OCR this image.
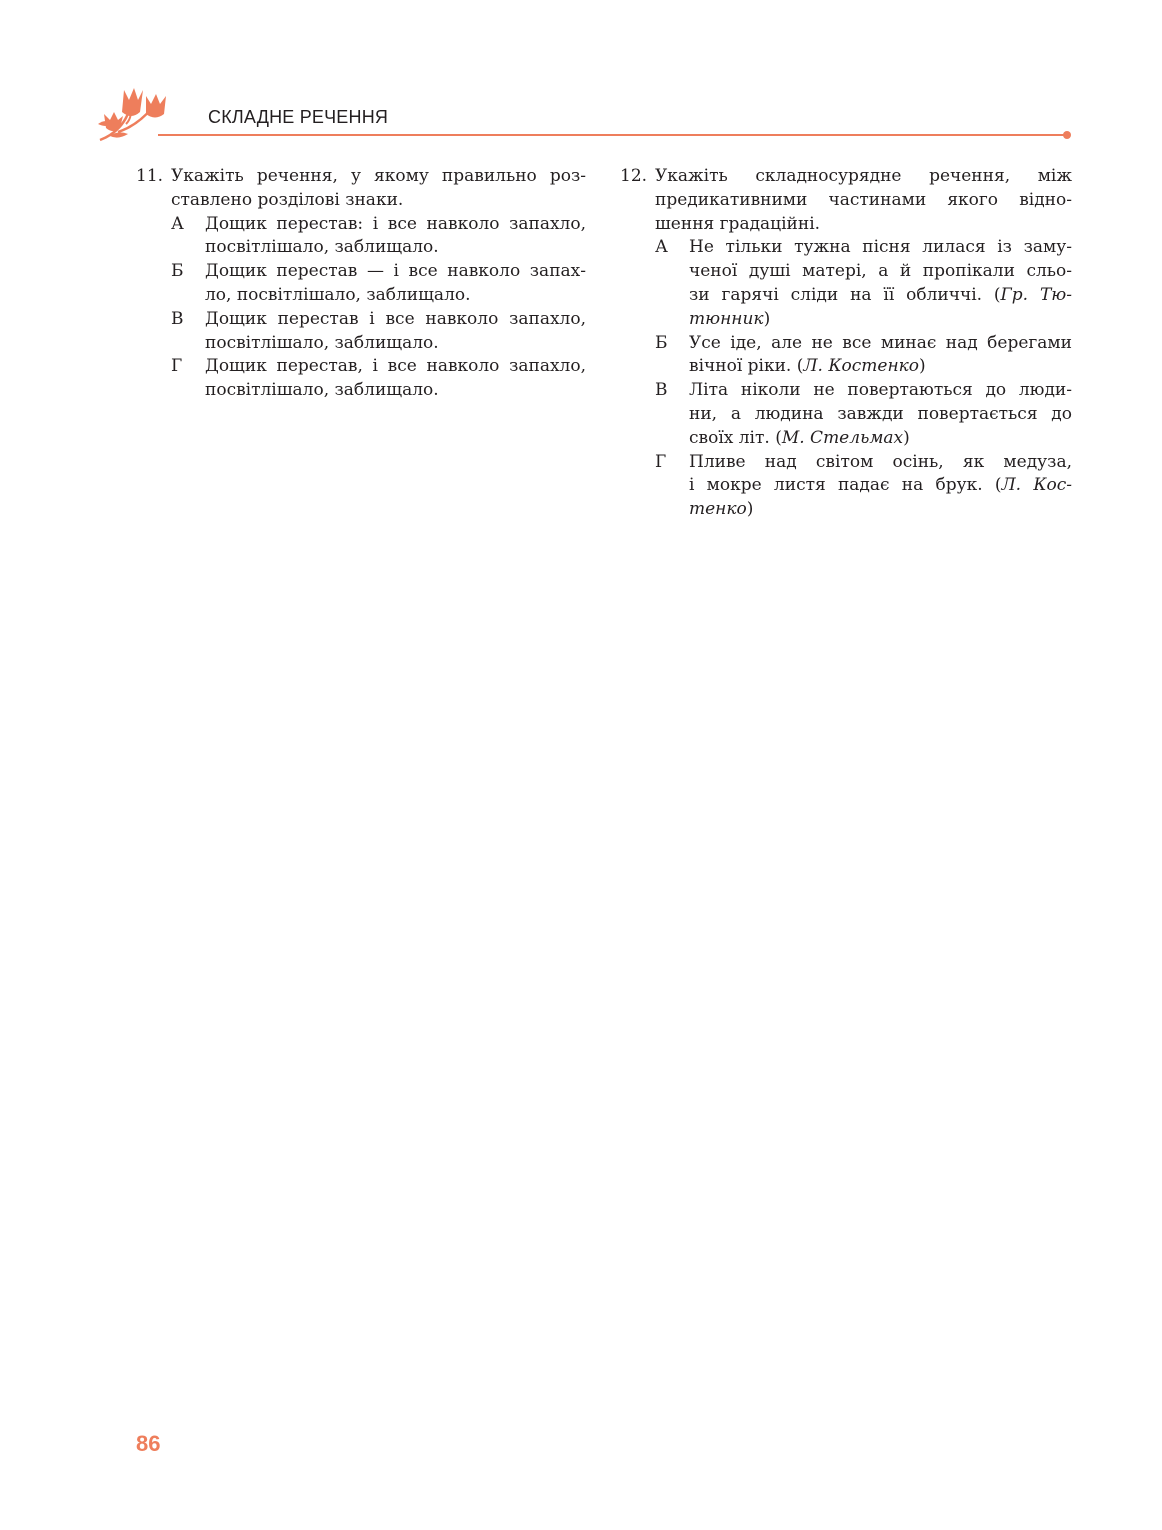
СКЛАДНЕ РЕЧЕННЯ
11. Укажіть речення, у якому правильно роз-
ставлено розділові знаки.
А	Дощик перестав: і все навколо запахло,
посвітлішало, заблищало.
Б	Дощик перестав — і все навколо запах-
ло, посвітлішало, заблищало.
В	Дощик перестав і все навколо запахло,
посвітлішало, заблищало.
Г	Дощик перестав, і все навколо запахло,
посвітлішало, заблищало.
12. Укажіть складносурядне речення, між
предикативними частинами якого відно-
шення градаційні.
А	Не тільки тужна пісня лилася із заму-
ченої душі матері, а й пропікали сльо-
зи гарячі сліди на її обличчі. (Гр. Тю-
тюнник)
Б	Усе іде, але не все минає над берегами
вічної ріки. (Л. Костенко)
В	Літа ніколи не повертаються до люди-
ни, а людина завжди повертається до
своїх літ. (М. Стельмах)
Г	Пливе над світом осінь, як медуза,
і мокре листя падає на брук. (Л. Кос-
тенко)
86
